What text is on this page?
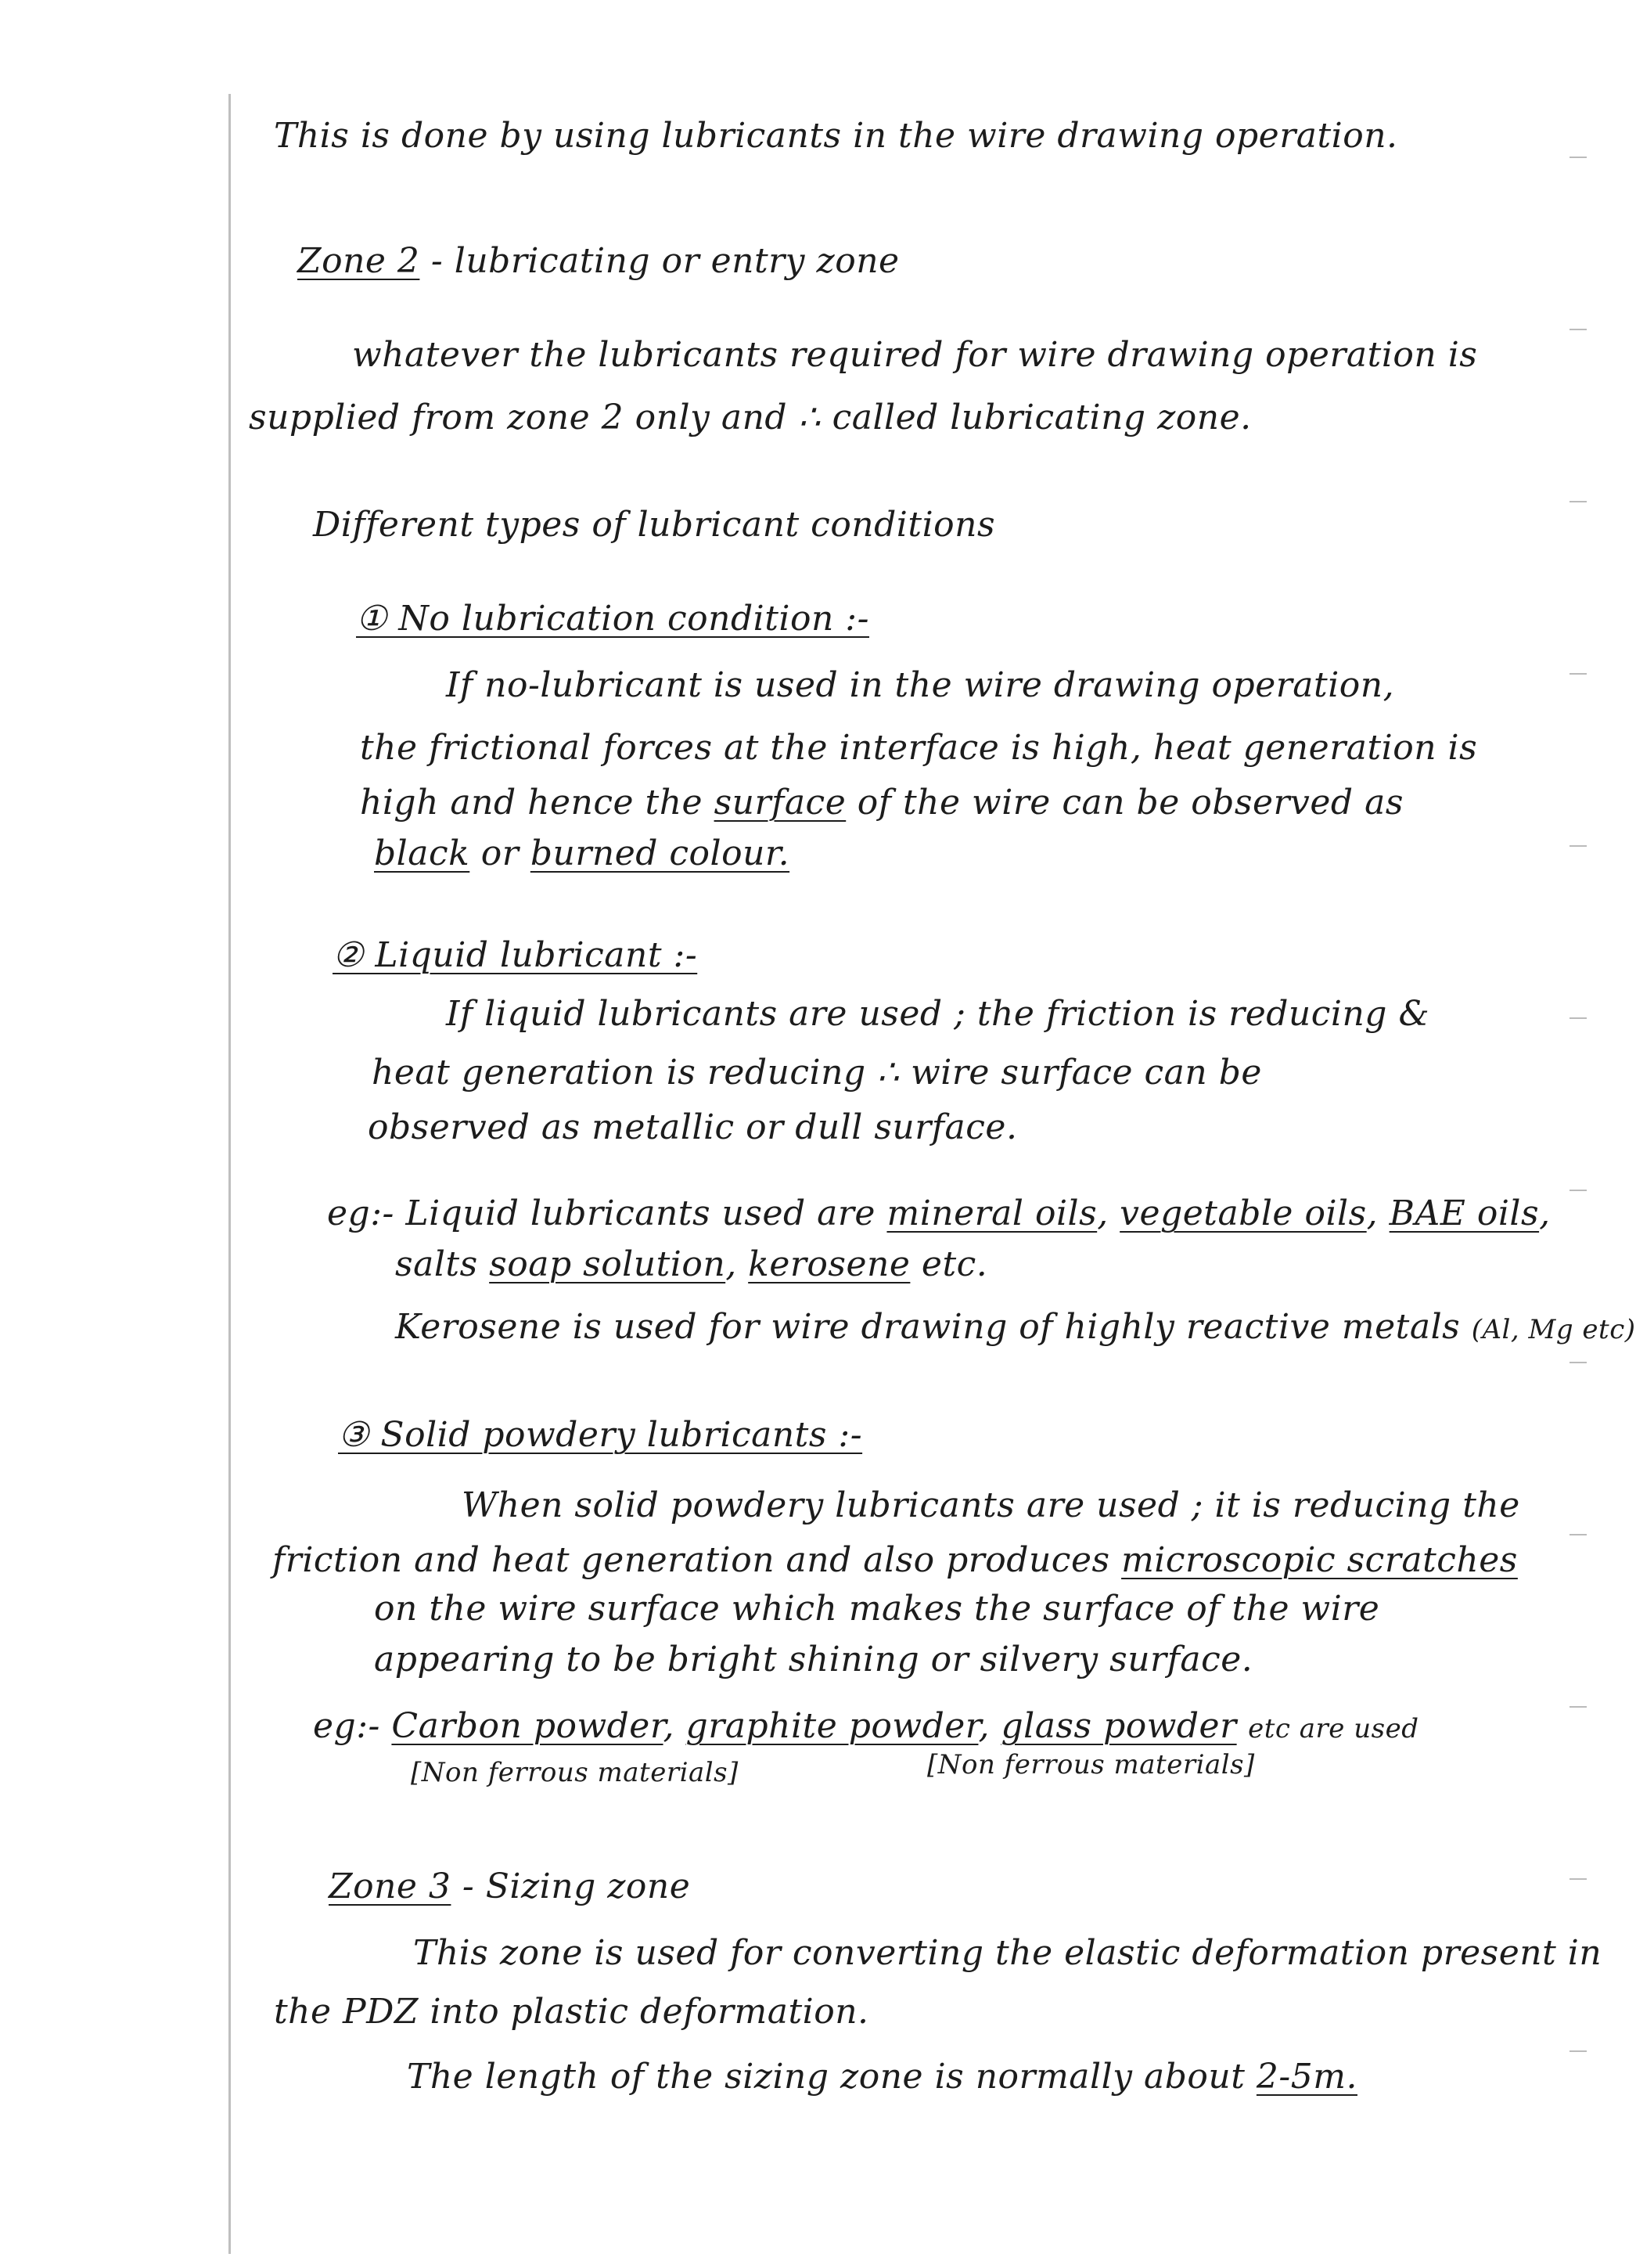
This is done by using lubricants in the wire drawing operation.
Zone 2 - lubricating or entry zone
whatever the lubricants required for wire drawing operation is
supplied from zone 2 only and ∴ called lubricating zone.
Different types of lubricant conditions
① No lubrication condition :-
If no-lubricant is used in the wire drawing operation,
the frictional forces at the interface is high, heat generation is
high and hence the surface of the wire can be observed as
black or burned colour.
② Liquid lubricant :-
If liquid lubricants are used ; the friction is reducing &
heat generation is reducing ∴ wire surface can be
observed as metallic or dull surface.
eg:- Liquid lubricants used are mineral oils, vegetable oils, BAE oils,
salts soap solution, kerosene etc.
Kerosene is used for wire drawing of highly reactive metals (Al, Mg etc)
③ Solid powdery lubricants :-
When solid powdery lubricants are used ; it is reducing the
friction and heat generation and also produces microscopic scratches
on the wire surface which makes the surface of the wire
appearing to be bright shining or silvery surface.
eg:- Carbon powder, graphite powder, glass powder etc are used
[Non ferrous materials]	[Non ferrous materials]
Zone 3 - Sizing zone
This zone is used for converting the elastic deformation present in
the PDZ into plastic deformation.
The length of the sizing zone is normally about 2-5m.
